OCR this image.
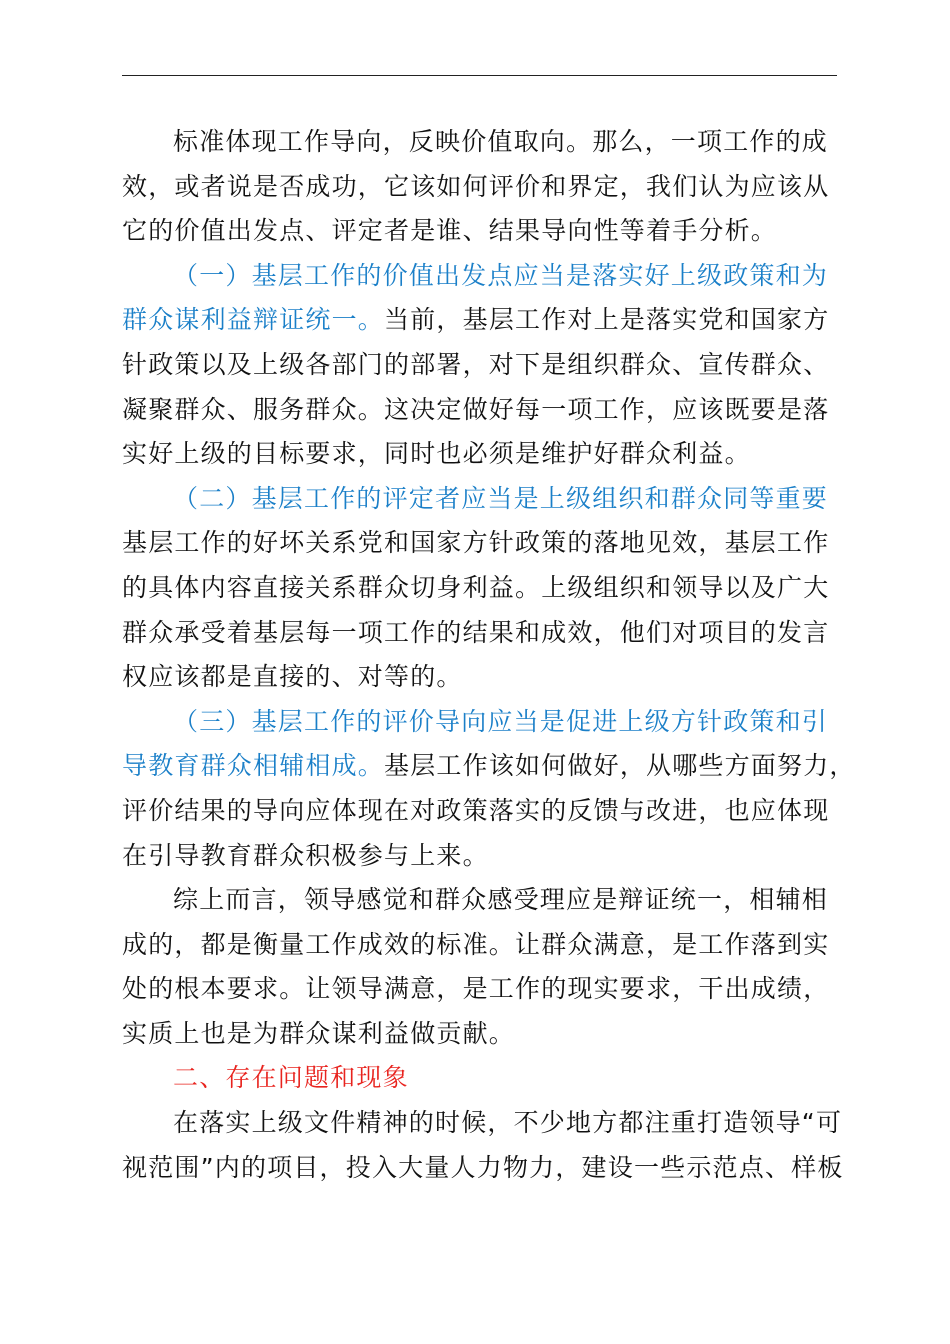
标准体现工作导向，反映价值取向。那么，一项工作的成
效，或者说是否成功，它该如何评价和界定，我们认为应该从
它的价值出发点、评定者是谁、结果导向性等着手分析。

（一）基层工作的价值出发点应当是落实好上级政策和为
群众谋利益辩证统一。当前，基层工作对上是落实党和国家方
针政策以及上级各部门的部署，对下是组织群众、宣传群众、
凝聚群众、服务群众。这决定做好每一项工作，应该既要是落
实好上级的目标要求，同时也必须是维护好群众利益。

（二）基层工作的评定者应当是上级组织和群众同等重要
基层工作的好坏关系党和国家方针政策的落地见效，基层工作
的具体内容直接关系群众切身利益。上级组织和领导以及广大
群众承受着基层每一项工作的结果和成效，他们对项目的发言
权应该都是直接的、对等的。

（三）基层工作的评价导向应当是促进上级方针政策和引
导教育群众相辅相成。基层工作该如何做好，从哪些方面努力，
评价结果的导向应体现在对政策落实的反馈与改进，也应体现
在引导教育群众积极参与上来。

综上而言，领导感觉和群众感受理应是辩证统一，相辅相
成的，都是衡量工作成效的标准。让群众满意，是工作落到实
处的根本要求。让领导满意，是工作的现实要求，干出成绩，
实质上也是为群众谋利益做贡献。

二、存在问题和现象

在落实上级文件精神的时候，不少地方都注重打造领导“可
视范围”内的项目，投入大量人力物力，建设一些示范点、样板
